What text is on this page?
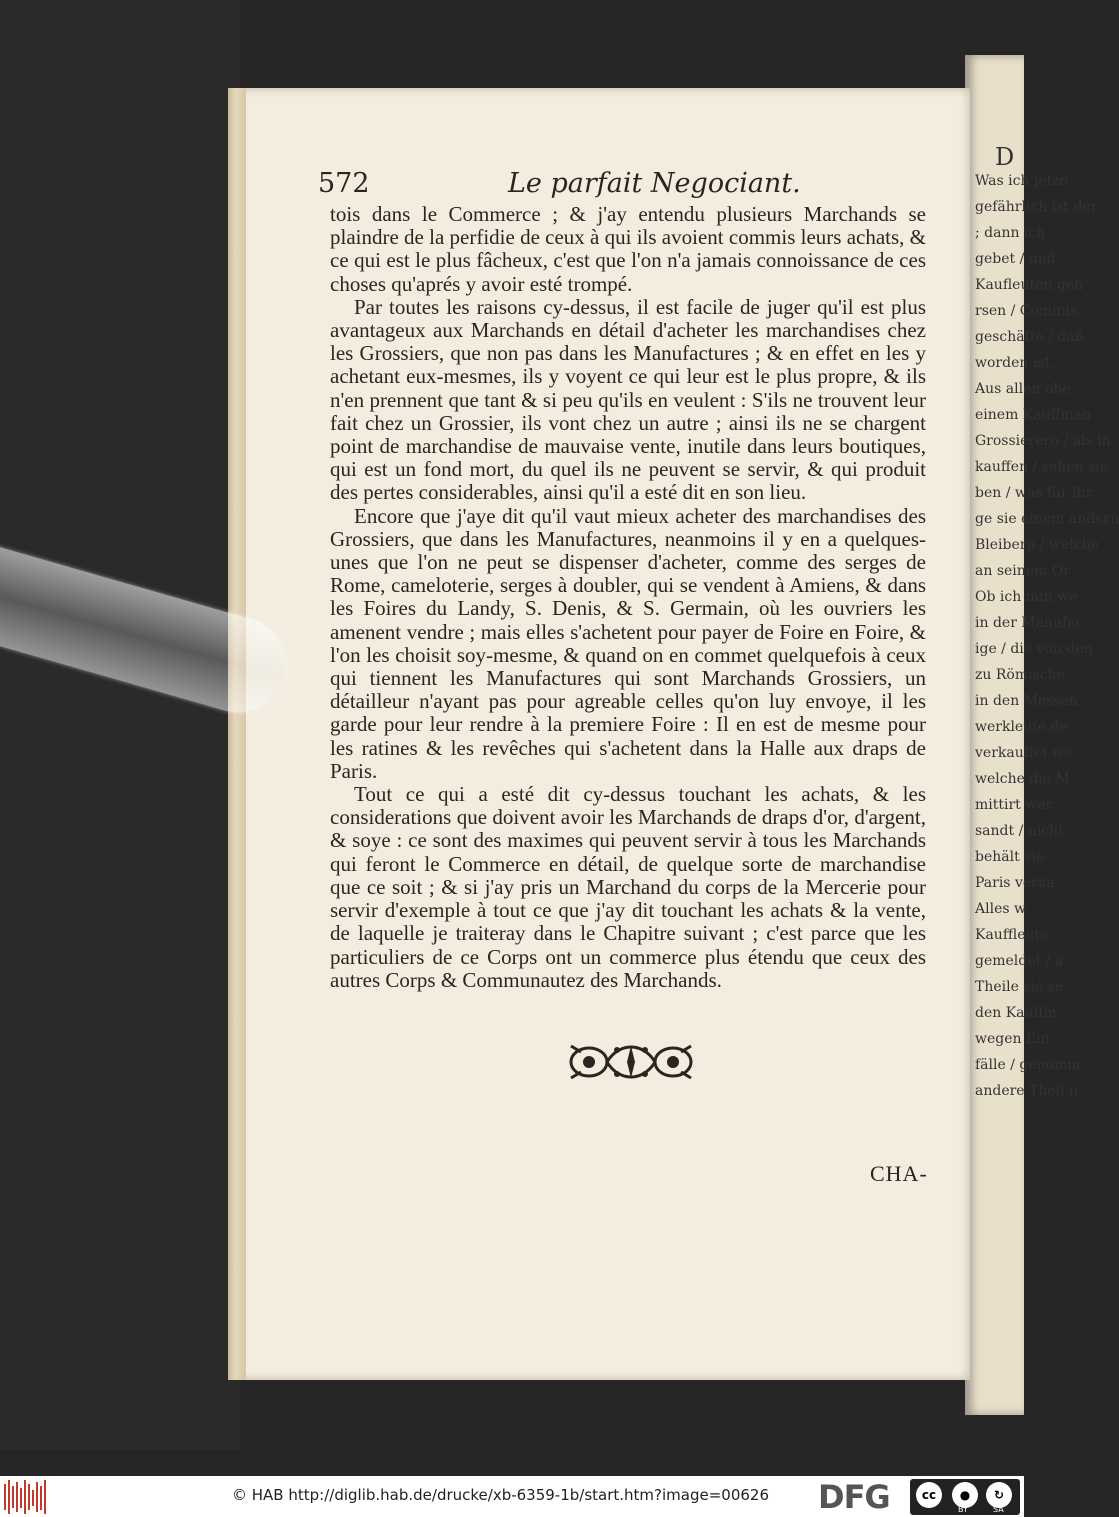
D
Was ich jetzo
gefährlich ist der
; dann ich
gebet / und
Kaufleuten geh
rsen / Commis
geschäfte / daß
worden ist.
Aus allen obe
einem Kauffman
Grossierern / als in
kauffen / sehen sie
ben / was für ihr
ge sie einem andern
Bleibern / welche
an seinem Or
Ob ich nun we
in der Manufac
ige / die von den
zu Römische
in den Messen
werkleute de
verkauffet we
welche die M
mittirt wer
sandt / nicht
behält sie
Paris verka
Alles w
Kauffleute
gemeldet / a
Theile sie se
den Kauffm
wegen Ein
fälle / genomm
andere Theil u
572	Le parfait Negociant.

tois dans le Commerce ; & j'ay entendu plusieurs Marchands se plaindre de la perfidie de ceux à qui ils avoient commis leurs achats, & ce qui est le plus fâcheux, c'est que l'on n'a jamais connoissance de ces choses qu'aprés y avoir esté trompé.

Par toutes les raisons cy-dessus, il est facile de juger qu'il est plus avantageux aux Marchands en détail d'acheter les marchandises chez les Grossiers, que non pas dans les Manufactures ; & en effet en les y achetant eux-mesmes, ils y voyent ce qui leur est le plus propre, & ils n'en prennent que tant & si peu qu'ils en veulent : S'ils ne trouvent leur fait chez un Grossier, ils vont chez un autre ; ainsi ils ne se chargent point de marchandise de mauvaise vente, inutile dans leurs boutiques, qui est un fond mort, du quel ils ne peuvent se servir, & qui produit des pertes considerables, ainsi qu'il a esté dit en son lieu.

Encore que j'aye dit qu'il vaut mieux acheter des marchandises des Grossiers, que dans les Manufactures, neanmoins il y en a quelques-unes que l'on ne peut se dispenser d'acheter, comme des serges de Rome, cameloterie, serges à doubler, qui se vendent à Amiens, & dans les Foires du Landy, S. Denis, & S. Germain, où les ouvriers les amenent vendre ; mais elles s'achetent pour payer de Foire en Foire, & l'on les choisit soy-mesme, & quand on en commet quelquefois à ceux qui tiennent les Manufactures qui sont Marchands Grossiers, un détailleur n'ayant pas pour agreable celles qu'on luy envoye, il les garde pour leur rendre à la premiere Foire : Il en est de mesme pour les ratines & les revêches qui s'achetent dans la Halle aux draps de Paris.

Tout ce qui a esté dit cy-dessus touchant les achats, & les considerations que doivent avoir les Marchands de draps d'or, d'argent, & soye : ce sont des maximes qui peuvent servir à tous les Marchands qui feront le Commerce en détail, de quelque sorte de marchandise que ce soit ; & si j'ay pris un Marchand du corps de la Mercerie pour servir d'exemple à tout ce que j'ay dit touchant les achats & la vente, de laquelle je traiteray dans le Chapitre suivant ; c'est parce que les particuliers de ce Corps ont un commerce plus étendu que ceux des autres Corps & Communautez des Marchands.

CHA-
© HAB http://diglib.hab.de/drucke/xb-6359-1b/start.htm?image=00626 DFG	cc	●	↻
BY	SA
